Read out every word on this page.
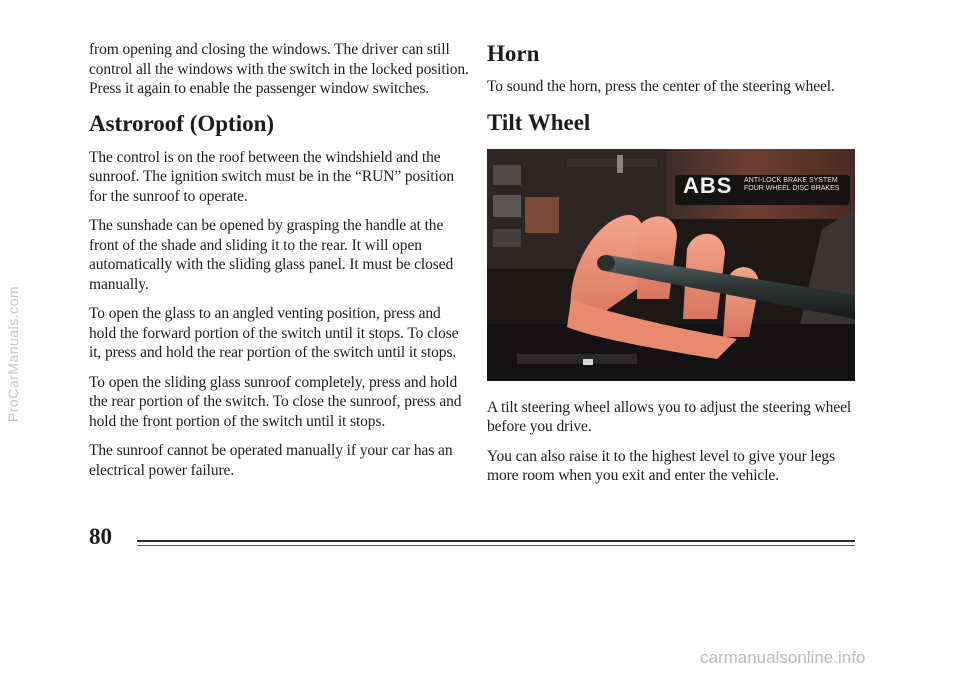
from opening and closing the windows. The driver can still control all the windows with the switch in the locked position. Press it again to enable the passenger window switches.

Astroroof (Option)

The control is on the roof between the windshield and the sunroof. The ignition switch must be in the “RUN” position for the sunroof to operate.

The sunshade can be opened by grasping the handle at the front of the shade and sliding it to the rear. It will open automatically with the sliding glass panel. It must be closed manually.

To open the glass to an angled venting position, press and hold the forward portion of the switch until it stops. To close it, press and hold the rear portion of the switch until it stops.

To open the sliding glass sunroof completely, press and hold the rear portion of the switch. To close the sunroof, press and hold the front portion of the switch until it stops.

The sunroof cannot be operated manually if your car has an electrical power failure.

Horn

To sound the horn, press the center of the steering wheel.

Tilt Wheel
ABS ANTI-LOCK BRAKE SYSTEM FOUR WHEEL DISC BRAKES

A tilt steering wheel allows you to adjust the steering wheel before you drive.

You can also raise it to the highest level to give your legs more room when you exit and enter the vehicle.

80
ProCarManuals.com
carmanualsonline.info
